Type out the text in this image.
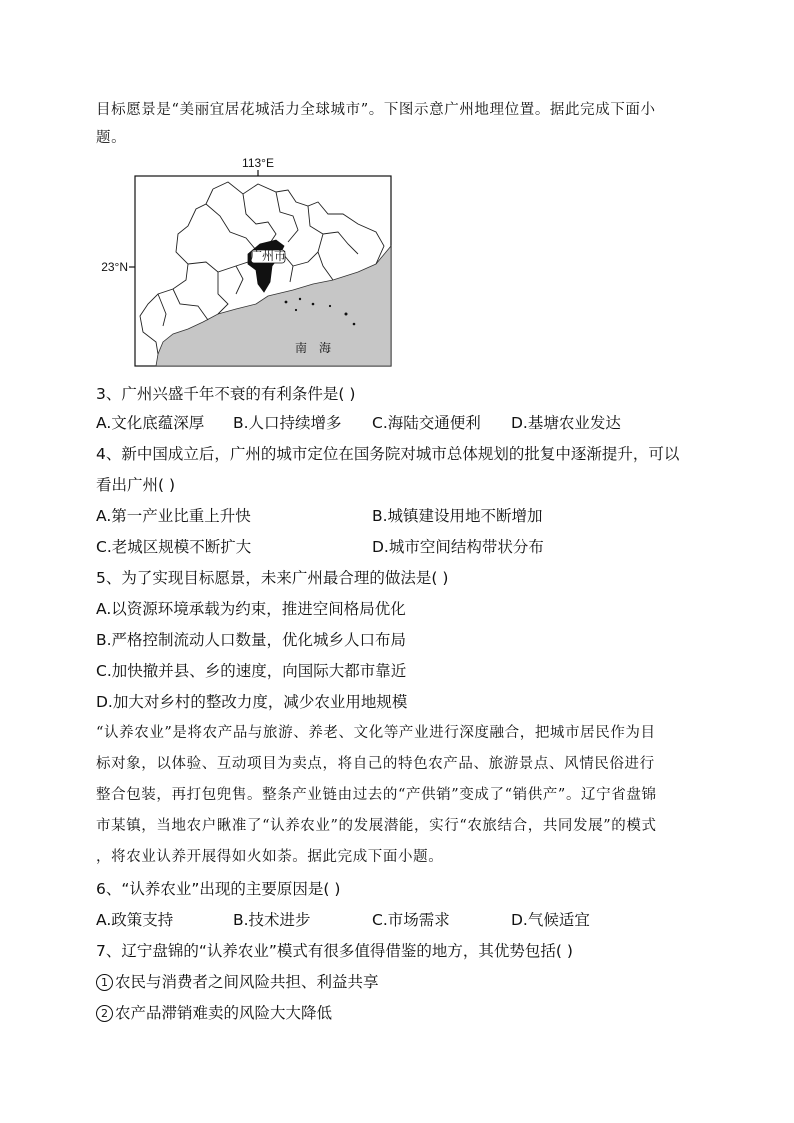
目标愿景是“美丽宜居花城活力全球城市”。下图示意广州地理位置。据此完成下面小
题。
广州市
113°E
23°N
南　海
3、广州兴盛千年不衰的有利条件是( )
A.文化底蕴深厚 B.人口持续增多 C.海陆交通便利 D.基塘农业发达
4、新中国成立后，广州的城市定位在国务院对城市总体规划的批复中逐渐提升，可以
看出广州( )
A.第一产业比重上升快	B.城镇建设用地不断增加
C.老城区规模不断扩大	D.城市空间结构带状分布
5、为了实现目标愿景，未来广州最合理的做法是( )
A.以资源环境承载为约束，推进空间格局优化
B.严格控制流动人口数量，优化城乡人口布局
C.加快撤并县、乡的速度，向国际大都市靠近
D.加大对乡村的整改力度，减少农业用地规模
“认养农业”是将农产品与旅游、养老、文化等产业进行深度融合，把城市居民作为目
标对象，以体验、互动项目为卖点，将自己的特色农产品、旅游景点、风情民俗进行
整合包装，再打包兜售。整条产业链由过去的“产供销”变成了“销供产”。辽宁省盘锦
市某镇，当地农户瞅准了“认养农业”的发展潜能，实行“农旅结合，共同发展”的模式
，将农业认养开展得如火如荼。据此完成下面小题。
6、“认养农业”出现的主要原因是( )
A.政策支持	B.技术进步	C.市场需求	D.气候适宜
7、辽宁盘锦的“认养农业”模式有很多值得借鉴的地方，其优势包括( )
1 农民与消费者之间风险共担、利益共享
2 农产品滞销难卖的风险大大降低
